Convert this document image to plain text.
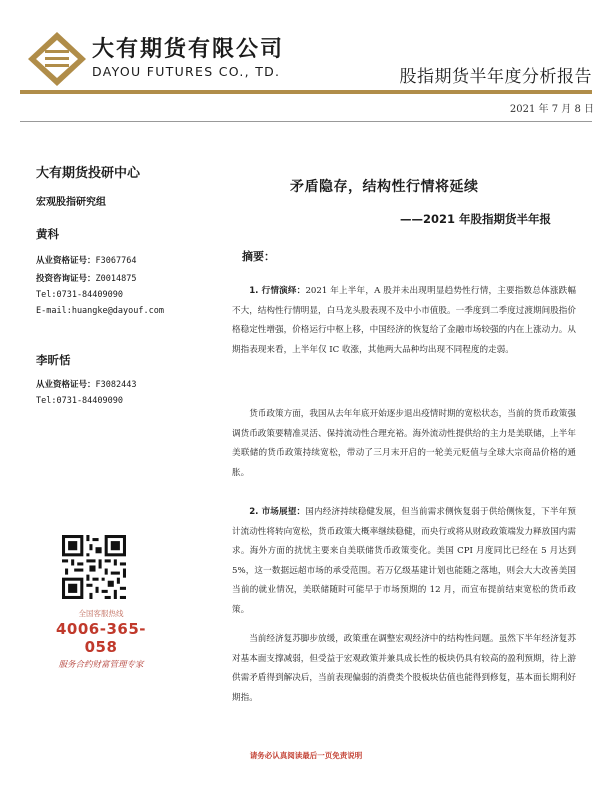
大有期货有限公司
DAYOU FUTURES CO., TD.	股指期货半年度分析报告
2021 年 7 月 8 日
大有期货投研中心
宏观股指研究组
黄科
从业资格证号：F3067764
投资咨询证号：Z0014875
Tel:0731-84409090
E-mail:huangke@dayouf.com
李昕恬
从业资格证号：F3082443
Tel:0731-84409090
全国客服热线
4006-365-058
服务合约财富管理专家
矛盾隐存，结构性行情将延续
——2021 年股指期货半年报
摘要：
1. 行情演绎：2021 年上半年，A 股并未出现明显趋势性行情，主要指数总体涨跌幅不大，结构性行情明显，白马龙头股表现不及中小市值股。一季度到二季度过渡期间股指价格稳定性增强，价格运行中枢上移，中国经济的恢复给了金融市场较强的内在上涨动力。从期指表现来看，上半年仅 IC 收涨，其他两大品种均出现不同程度的走弱。
货币政策方面，我国从去年年底开始逐步退出疫情时期的宽松状态，当前的货币政策强调货币政策要精准灵活、保持流动性合理充裕。海外流动性提供给的主力是美联储，上半年美联储的货币政策持续宽松，带动了三月末开启的一轮美元贬值与全球大宗商品价格的通胀。
2. 市场展望：国内经济持续稳健发展，但当前需求侧恢复弱于供给侧恢复，下半年预计流动性将转向宽松，货币政策大概率继续稳健，而央行或将从财政政策端发力释放国内需求。海外方面的扰忧主要来自美联储货币政策变化。美国 CPI 月度同比已经在 5 月达到 5%，这一数据远超市场的承受范围。若万亿级基建计划也能随之落地，则会大大改善美国当前的就业情况，美联储随时可能早于市场预期的 12 月，而宣布提前结束宽松的货币政策。
当前经济复苏脚步放缓，政策重在调整宏观经济中的结构性问题。虽然下半年经济复苏对基本面支撑减弱，但受益于宏观政策并兼具成长性的板块仍具有较高的盈利预期，待上游供需矛盾得到解决后，当前表现偏弱的消费类个股板块估值也能得到修复，基本面长期利好期指。
请务必认真阅读最后一页免责说明
